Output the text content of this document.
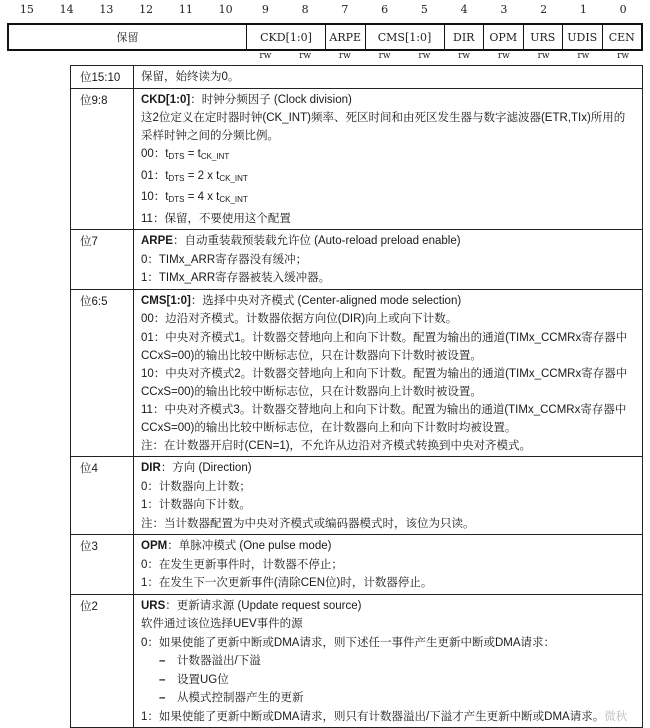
15	14	13	12	11	10	9	8	7	6	5	4	3	2	1	0
保留	CKD[1:0]	ARPE	CMS[1:0]	DIR	OPM	URS	UDIS	CEN
rw	rw	rw	rw	rw	rw	rw	rw	rw	rw
位15:10	保留，始终读为0。

位9:8	CKD[1:0]：时钟分频因子 (Clock division)
这2位定义在定时器时钟(CK_INT)频率、死区时间和由死区发生器与数字滤波器(ETR,TIx)所用的采样时钟之间的分频比例。
00：$t_{DTS} = t_{CK\_INT}$
01：$t_{DTS} = 2$ x $t_{CK\_INT}$
10：$t_{DTS} = 4$ x $t_{CK\_INT}$
11：保留，不要使用这个配置

位7	ARPE：自动重装载预装载允许位 (Auto-reload preload enable)
0：TIMx_ARR寄存器没有缓冲；
1：TIMx_ARR寄存器被装入缓冲器。

位6:5	CMS[1:0]：选择中央对齐模式 (Center-aligned mode selection)
00：边沿对齐模式。计数器依据方向位(DIR)向上或向下计数。
01：中央对齐模式1。计数器交替地向上和向下计数。配置为输出的通道(TIMx_CCMRx寄存器中CCxS=00)的输出比较中断标志位，只在计数器向下计数时被设置。
10：中央对齐模式2。计数器交替地向上和向下计数。配置为输出的通道(TIMx_CCMRx寄存器中CCxS=00)的输出比较中断标志位，只在计数器向上计数时被设置。
11：中央对齐模式3。计数器交替地向上和向下计数。配置为输出的通道(TIMx_CCMRx寄存器中CCxS=00)的输出比较中断标志位，在计数器向上和向下计数时均被设置。
注：在计数器开启时(CEN=1)，不允许从边沿对齐模式转换到中央对齐模式。

位4	DIR：方向 (Direction)
0：计数器向上计数；
1：计数器向下计数。
注：当计数器配置为中央对齐模式或编码器模式时，该位为只读。

位3	OPM：单脉冲模式 (One pulse mode)
0：在发生更新事件时，计数器不停止；
1：在发生下一次更新事件(清除CEN位)时，计数器停止。

位2	URS：更新请求源 (Update request source)
软件通过该位选择UEV事件的源
0：如果使能了更新中断或DMA请求，则下述任一事件产生更新中断或DMA请求：
– 计数器溢出/下溢
– 设置UG位
– 从模式控制器产生的更新
1：如果使能了更新中断或DMA请求，则只有计数器溢出/下溢才产生更新中断或DMA请求。微秋
